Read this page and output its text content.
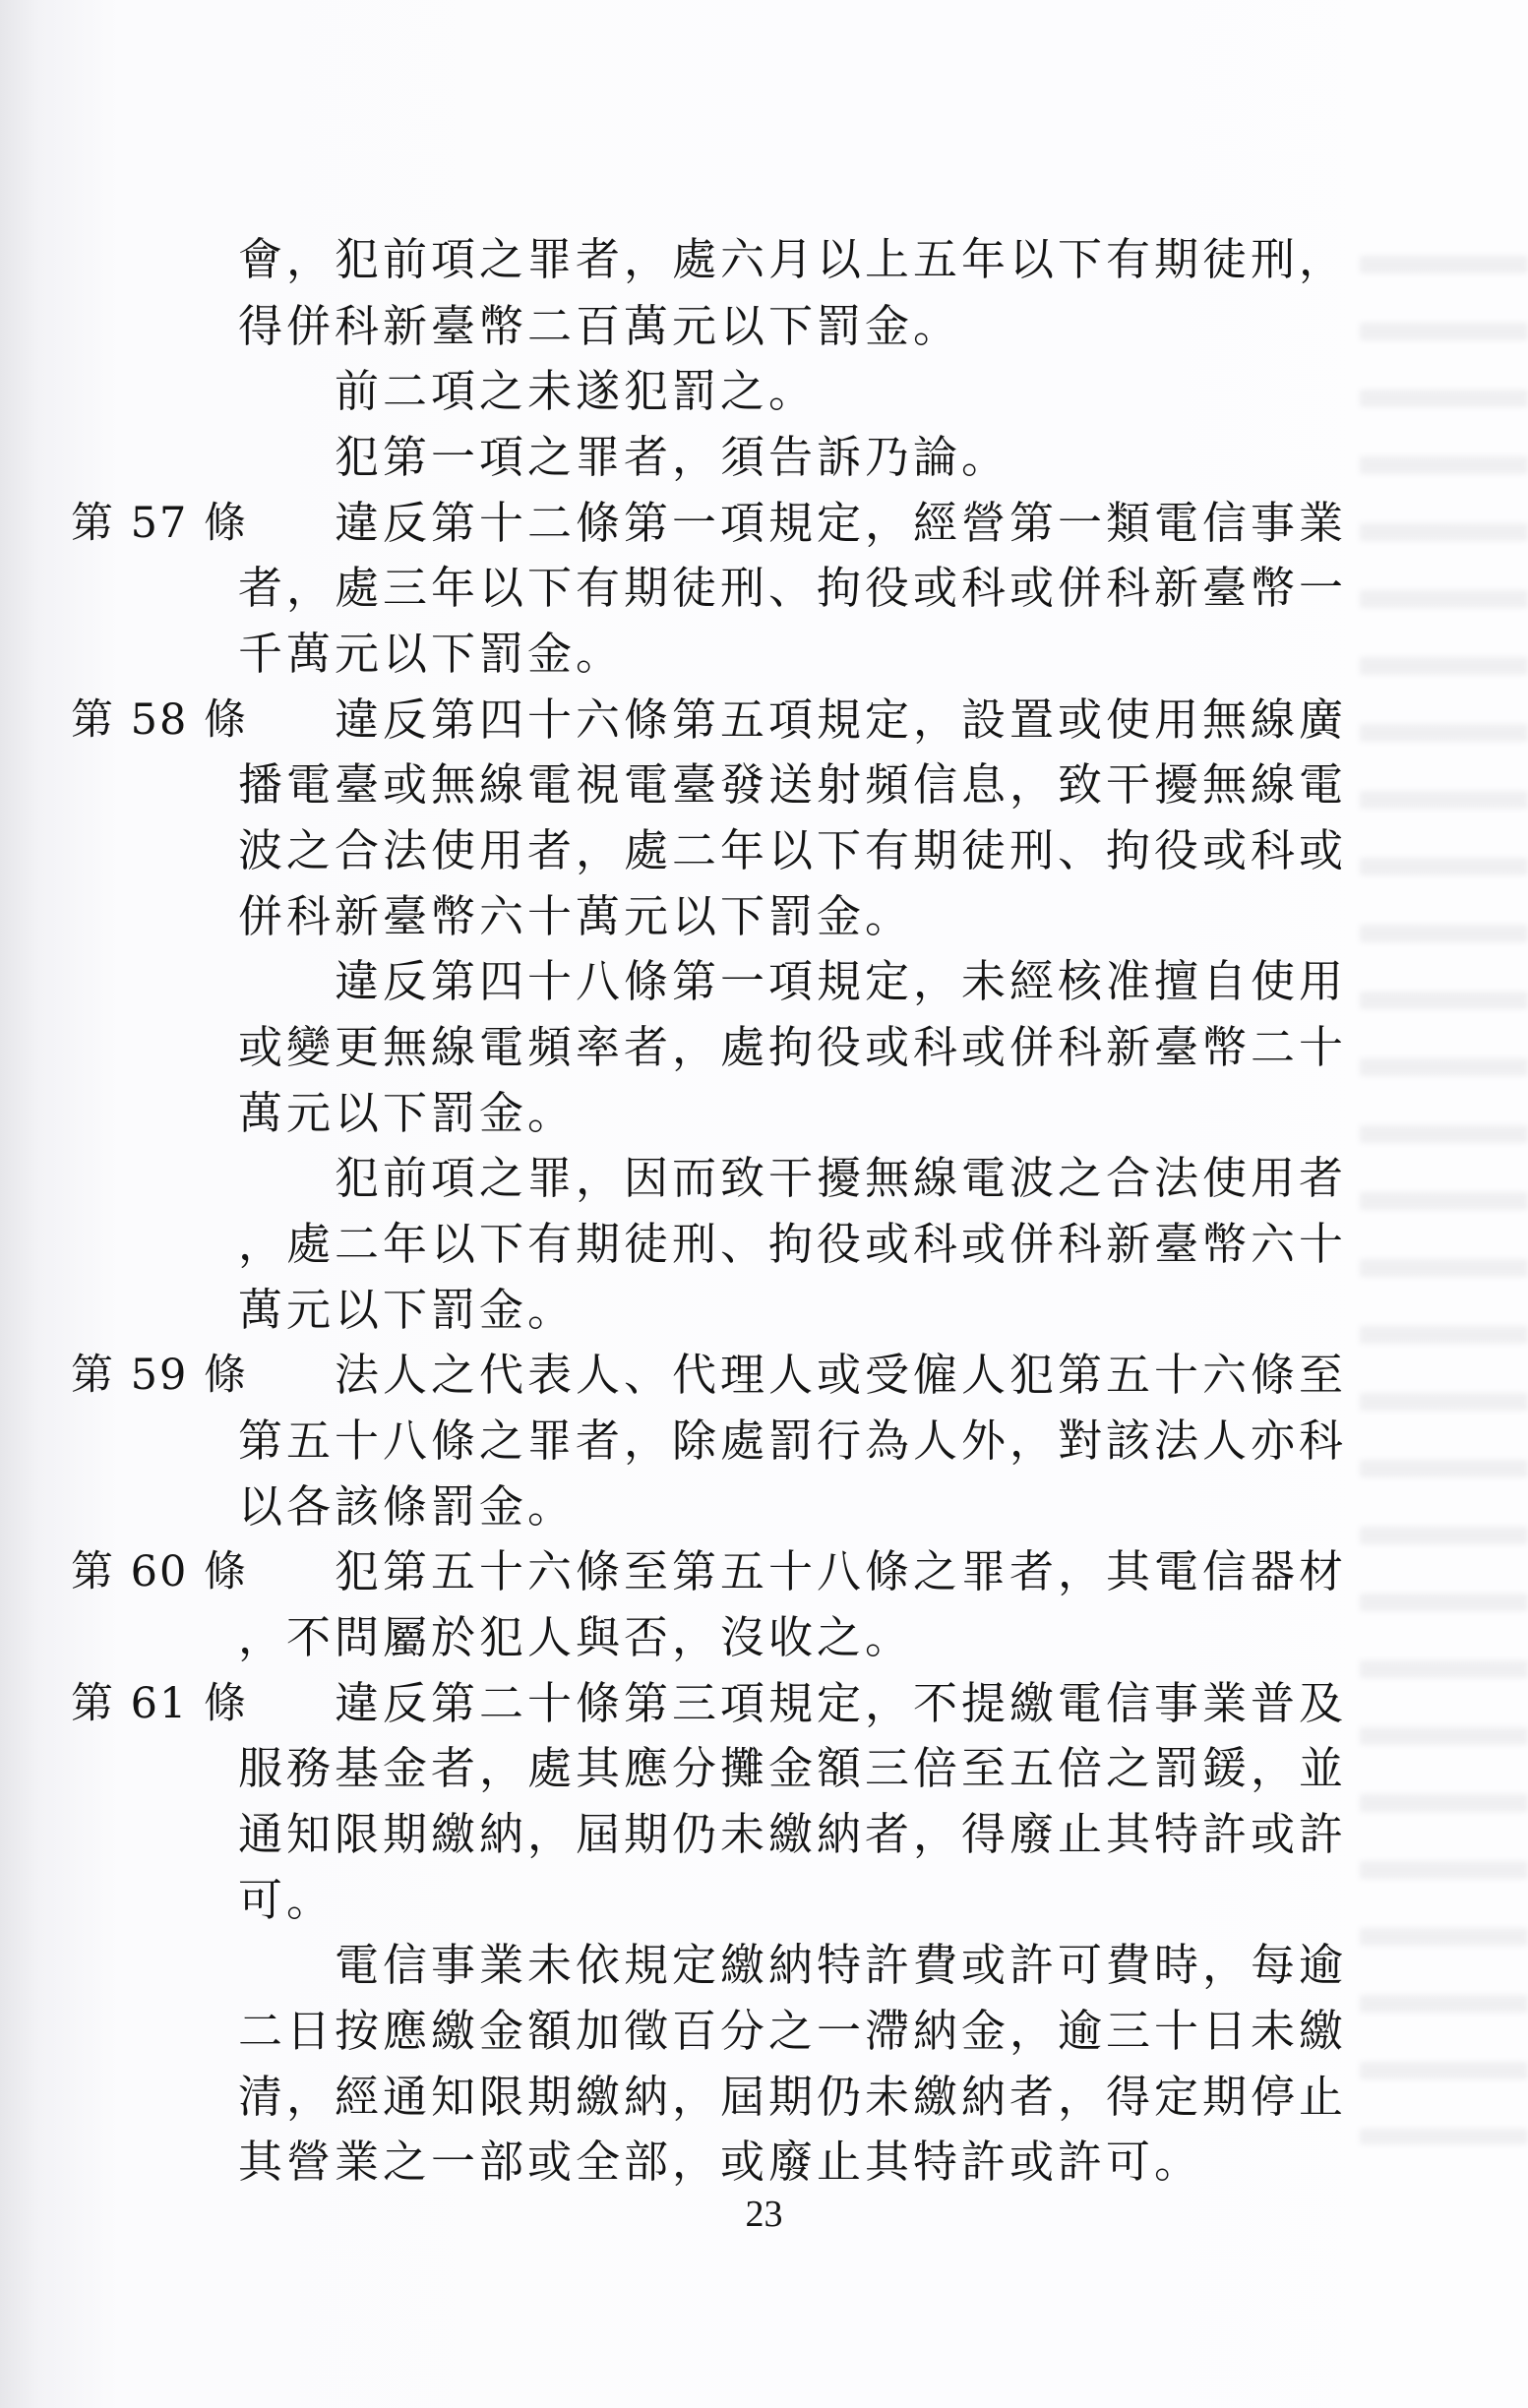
會，犯前項之罪者，處六月以上五年以下有期徒刑，
得併科新臺幣二百萬元以下罰金。
前二項之未遂犯罰之。
犯第一項之罪者，須告訴乃論。
第 57 條 違反第十二條第一項規定，經營第一類電信事業
者，處三年以下有期徒刑、拘役或科或併科新臺幣一
千萬元以下罰金。
第 58 條 違反第四十六條第五項規定，設置或使用無線廣
播電臺或無線電視電臺發送射頻信息，致干擾無線電
波之合法使用者，處二年以下有期徒刑、拘役或科或
併科新臺幣六十萬元以下罰金。
違反第四十八條第一項規定，未經核准擅自使用
或變更無線電頻率者，處拘役或科或併科新臺幣二十
萬元以下罰金。
犯前項之罪，因而致干擾無線電波之合法使用者
，處二年以下有期徒刑、拘役或科或併科新臺幣六十
萬元以下罰金。
第 59 條 法人之代表人、代理人或受僱人犯第五十六條至
第五十八條之罪者，除處罰行為人外，對該法人亦科
以各該條罰金。
第 60 條 犯第五十六條至第五十八條之罪者，其電信器材
，不問屬於犯人與否，沒收之。
第 61 條 違反第二十條第三項規定，不提繳電信事業普及
服務基金者，處其應分攤金額三倍至五倍之罰鍰，並
通知限期繳納，屆期仍未繳納者，得廢止其特許或許
可。
電信事業未依規定繳納特許費或許可費時，每逾
二日按應繳金額加徵百分之一滯納金，逾三十日未繳
清，經通知限期繳納，屆期仍未繳納者，得定期停止
其營業之一部或全部，或廢止其特許或許可。
23
